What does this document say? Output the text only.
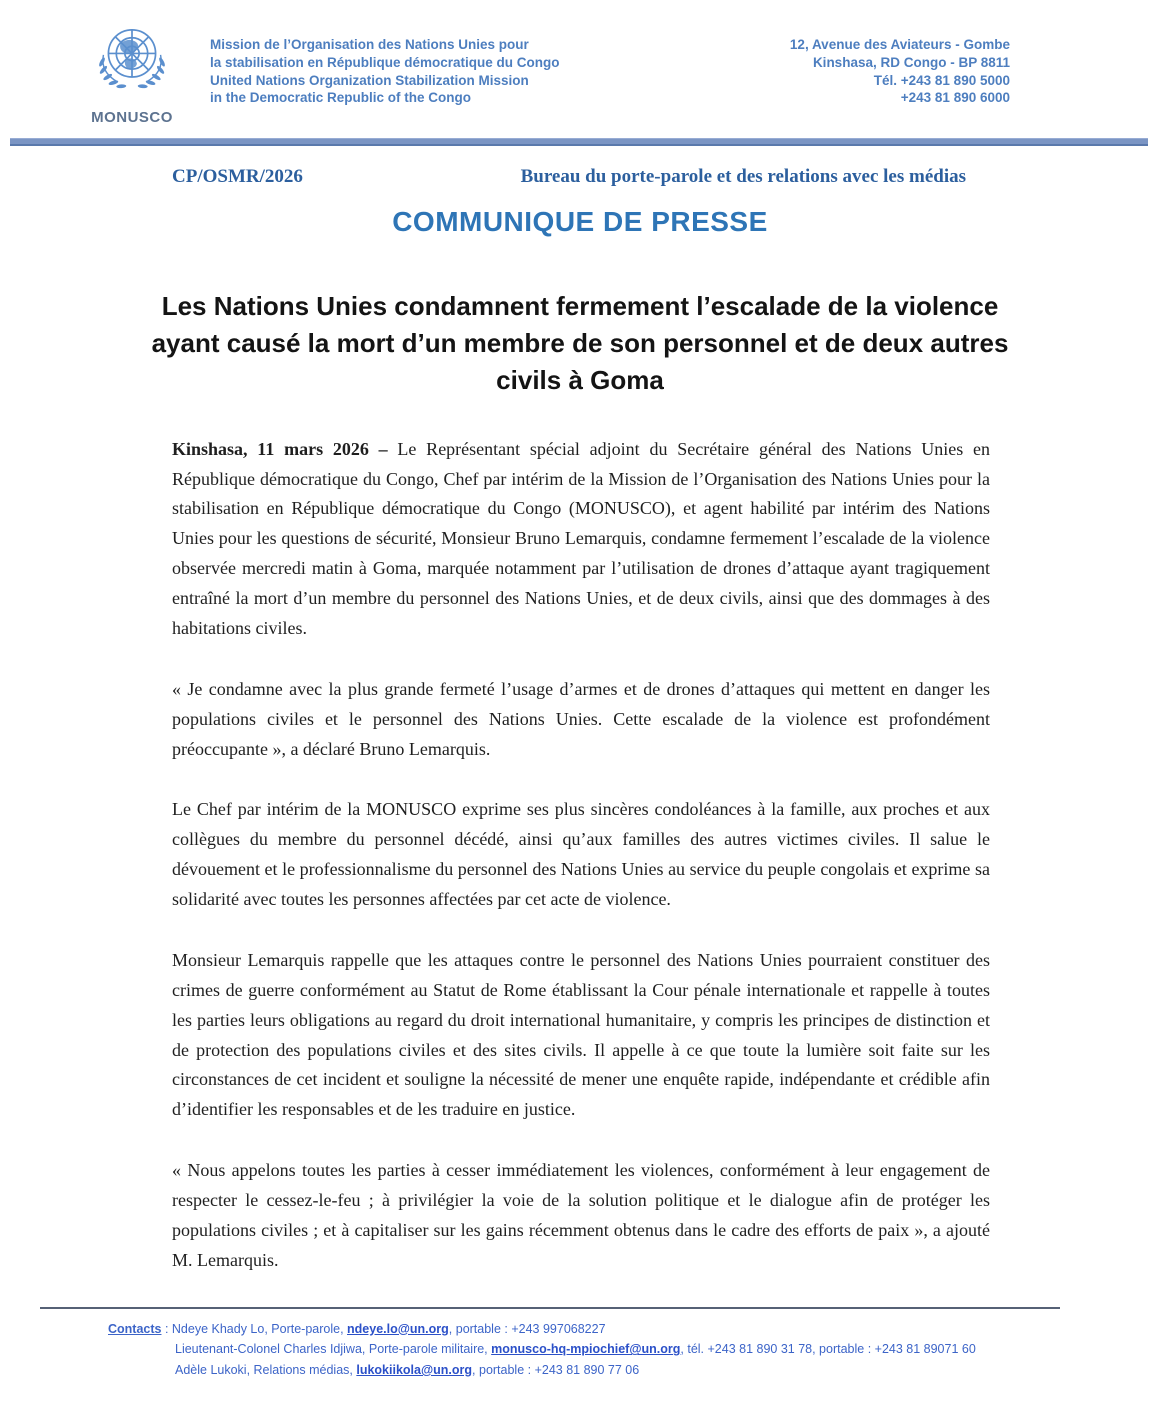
MONUSCO
Mission de l’Organisation des Nations Unies pour
la stabilisation en République démocratique du Congo
United Nations Organization Stabilization Mission
in the Democratic Republic of the Congo
12, Avenue des Aviateurs - Gombe
Kinshasa, RD Congo - BP 8811
Tél. +243 81 890 5000
+243 81 890 6000
CP/OSMR/2026	Bureau du porte-parole et des relations avec les médias
COMMUNIQUE DE PRESSE
Les Nations Unies condamnent fermement l’escalade de la violence ayant causé la mort d’un membre de son personnel et de deux autres civils à Goma

Kinshasa, 11 mars 2026 – Le Représentant spécial adjoint du Secrétaire général des Nations Unies en République démocratique du Congo, Chef par intérim de la Mission de l’Organisation des Nations Unies pour la stabilisation en République démocratique du Congo (MONUSCO), et agent habilité par intérim des Nations Unies pour les questions de sécurité, Monsieur Bruno Lemarquis, condamne fermement l’escalade de la violence observée mercredi matin à Goma, marquée notamment par l’utilisation de drones d’attaque ayant tragiquement entraîné la mort d’un membre du personnel des Nations Unies, et de deux civils, ainsi que des dommages à des habitations civiles.

« Je condamne avec la plus grande fermeté l’usage d’armes et de drones d’attaques qui mettent en danger les populations civiles et le personnel des Nations Unies. Cette escalade de la violence est profondément préoccupante », a déclaré Bruno Lemarquis.

Le Chef par intérim de la MONUSCO exprime ses plus sincères condoléances à la famille, aux proches et aux collègues du membre du personnel décédé, ainsi qu’aux familles des autres victimes civiles. Il salue le dévouement et le professionnalisme du personnel des Nations Unies au service du peuple congolais et exprime sa solidarité avec toutes les personnes affectées par cet acte de violence.

Monsieur Lemarquis rappelle que les attaques contre le personnel des Nations Unies pourraient constituer des crimes de guerre conformément au Statut de Rome établissant la Cour pénale internationale et rappelle à toutes les parties leurs obligations au regard du droit international humanitaire, y compris les principes de distinction et de protection des populations civiles et des sites civils. Il appelle à ce que toute la lumière soit faite sur les circonstances de cet incident et souligne la nécessité de mener une enquête rapide, indépendante et crédible afin d’identifier les responsables et de les traduire en justice.

« Nous appelons toutes les parties à cesser immédiatement les violences, conformément à leur engagement de respecter le cessez-le-feu ; à privilégier la voie de la solution politique et le dialogue afin de protéger les populations civiles ; et à capitaliser sur les gains récemment obtenus dans le cadre des efforts de paix », a ajouté M. Lemarquis.

Contacts : Ndeye Khady Lo, Porte-parole, ndeye.lo@un.org, portable : +243 997068227
Lieutenant-Colonel Charles Idjiwa, Porte-parole militaire, monusco-hq-mpiochief@un.org, tél. +243 81 890 31 78, portable : +243 81 89071 60
Adèle Lukoki, Relations médias, lukokiikola@un.org, portable : +243 81 890 77 06
